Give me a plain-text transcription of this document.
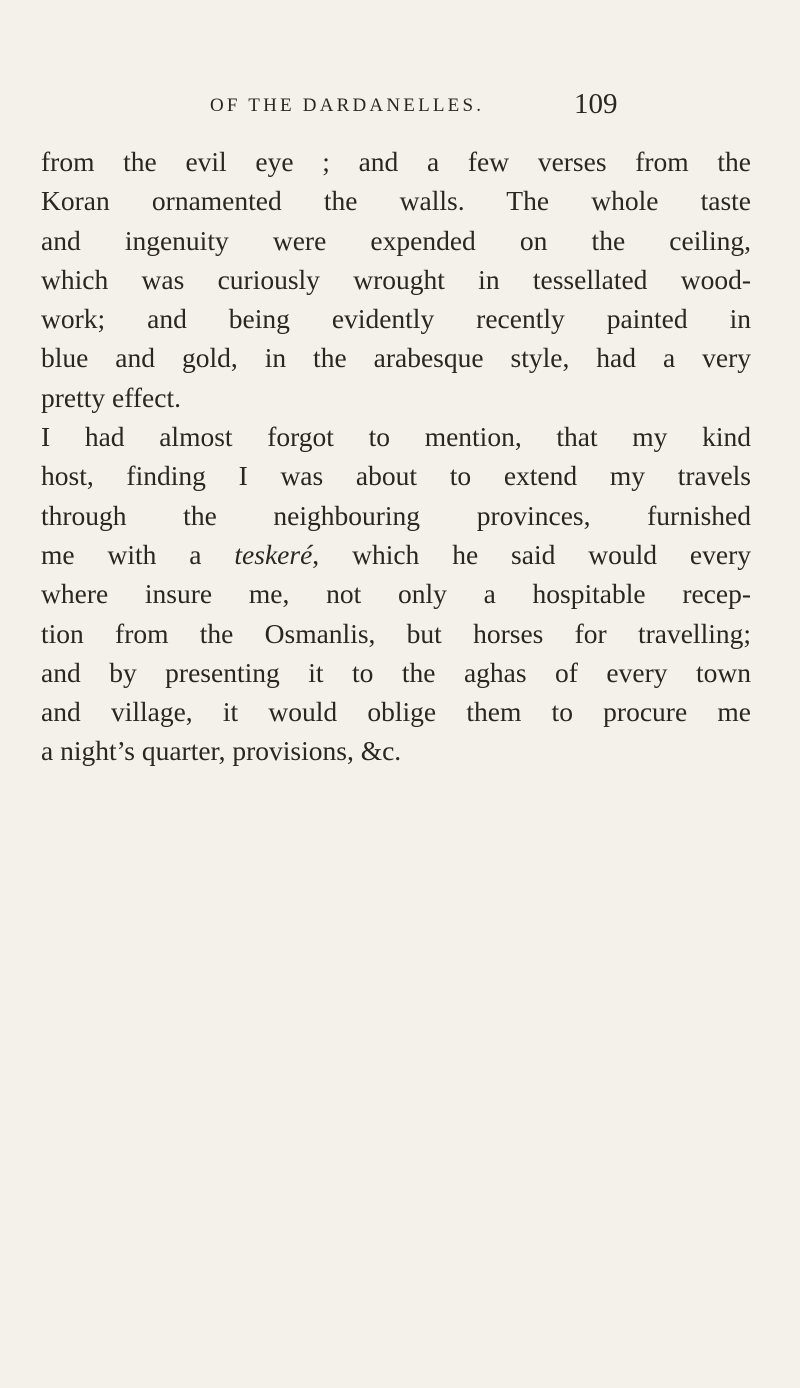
OF THE DARDANELLES.	109
from the evil eye ; and a few verses from the
Koran ornamented the walls. The whole taste
and ingenuity were expended on the ceiling,
which was curiously wrought in tessellated wood-
work; and being evidently recently painted in
blue and gold, in the arabesque style, had a very
pretty effect.
I had almost forgot to mention, that my kind
host, finding I was about to extend my travels
through the neighbouring provinces, furnished
me with a teskeré, which he said would every
where insure me, not only a hospitable recep-
tion from the Osmanlis, but horses for travelling;
and by presenting it to the aghas of every town
and village, it would oblige them to procure me
a night’s quarter, provisions, &c.
